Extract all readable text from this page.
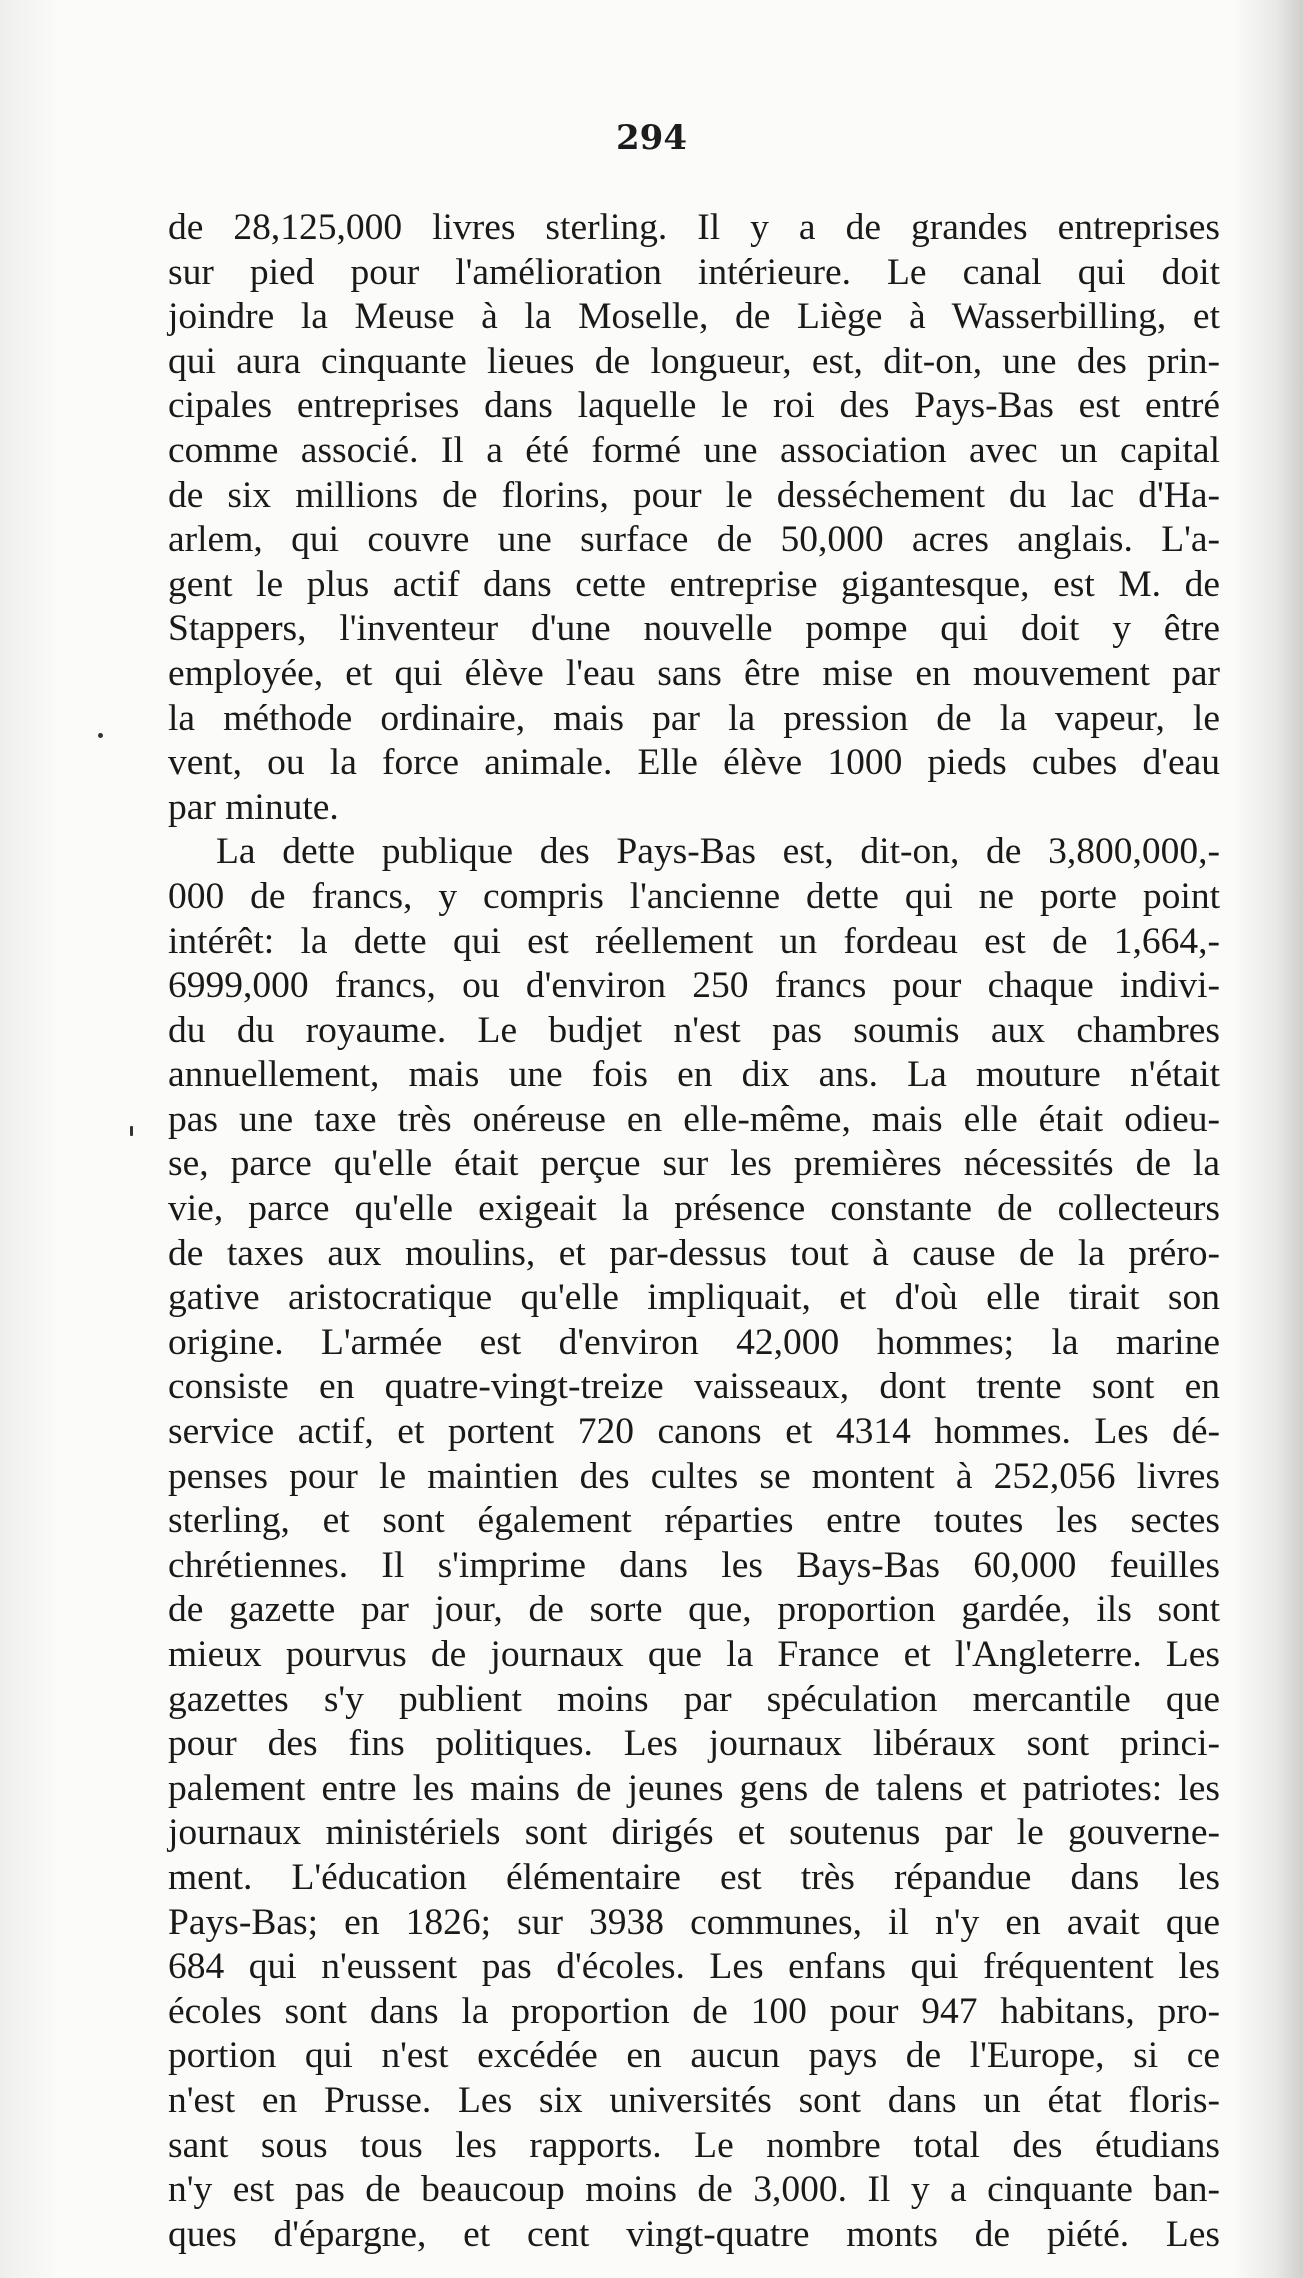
294
de 28,125,000 livres sterling. Il y a de grandes entreprises
sur pied pour l'amélioration intérieure. Le canal qui doit
joindre la Meuse à la Moselle, de Liège à Wasserbilling, et
qui aura cinquante lieues de longueur, est, dit-on, une des prin-
cipales entreprises dans laquelle le roi des Pays-Bas est entré
comme associé. Il a été formé une association avec un capital
de six millions de florins, pour le desséchement du lac d'Ha-
arlem, qui couvre une surface de 50,000 acres anglais. L'a-
gent le plus actif dans cette entreprise gigantesque, est M. de
Stappers, l'inventeur d'une nouvelle pompe qui doit y être
employée, et qui élève l'eau sans être mise en mouvement par
la méthode ordinaire, mais par la pression de la vapeur, le
vent, ou la force animale. Elle élève 1000 pieds cubes d'eau
par minute.
La dette publique des Pays-Bas est, dit-on, de 3,800,000,-
000 de francs, y compris l'ancienne dette qui ne porte point
intérêt: la dette qui est réellement un fordeau est de 1,664,-
6999,000 francs, ou d'environ 250 francs pour chaque indivi-
du du royaume. Le budjet n'est pas soumis aux chambres
annuellement, mais une fois en dix ans. La mouture n'était
pas une taxe très onéreuse en elle-même, mais elle était odieu-
se, parce qu'elle était perçue sur les premières nécessités de la
vie, parce qu'elle exigeait la présence constante de collecteurs
de taxes aux moulins, et par-dessus tout à cause de la préro-
gative aristocratique qu'elle impliquait, et d'où elle tirait son
origine. L'armée est d'environ 42,000 hommes; la marine
consiste en quatre-vingt-treize vaisseaux, dont trente sont en
service actif, et portent 720 canons et 4314 hommes. Les dé-
penses pour le maintien des cultes se montent à 252,056 livres
sterling, et sont également réparties entre toutes les sectes
chrétiennes. Il s'imprime dans les Bays-Bas 60,000 feuilles
de gazette par jour, de sorte que, proportion gardée, ils sont
mieux pourvus de journaux que la France et l'Angleterre. Les
gazettes s'y publient moins par spéculation mercantile que
pour des fins politiques. Les journaux libéraux sont princi-
palement entre les mains de jeunes gens de talens et patriotes: les
journaux ministériels sont dirigés et soutenus par le gouverne-
ment. L'éducation élémentaire est très répandue dans les
Pays-Bas; en 1826; sur 3938 communes, il n'y en avait que
684 qui n'eussent pas d'écoles. Les enfans qui fréquentent les
écoles sont dans la proportion de 100 pour 947 habitans, pro-
portion qui n'est excédée en aucun pays de l'Europe, si ce
n'est en Prusse. Les six universités sont dans un état floris-
sant sous tous les rapports. Le nombre total des étudians
n'y est pas de beaucoup moins de 3,000. Il y a cinquante ban-
ques d'épargne, et cent vingt-quatre monts de piété. Les
